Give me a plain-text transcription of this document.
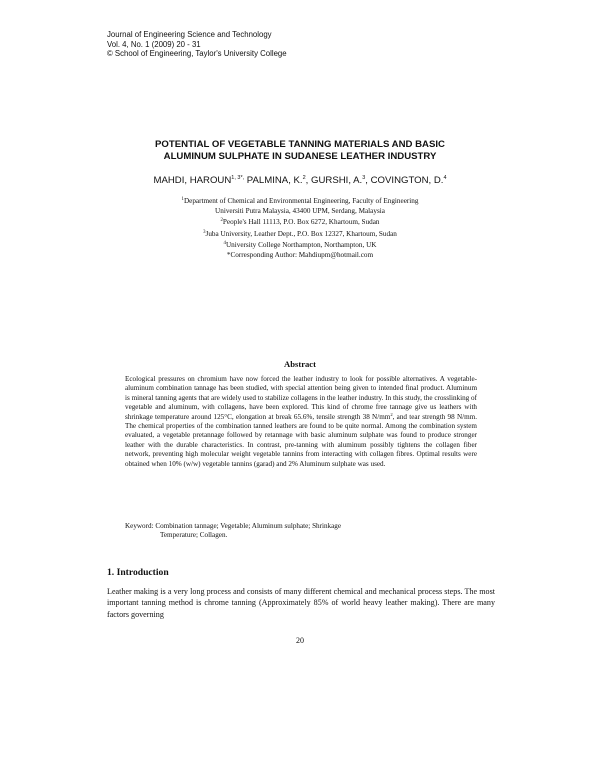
Journal of Engineering Science and Technology
Vol. 4, No. 1 (2009) 20 - 31
© School of Engineering, Taylor's University College
POTENTIAL OF VEGETABLE TANNING MATERIALS AND BASIC
ALUMINUM SULPHATE IN SUDANESE LEATHER INDUSTRY
MAHDI, $HAROUN^{1, 3*,}$ PALMINA, K.$^2$, GURSHI, A.$^3$, COVINGTON, D.$^4$
$^1$Department of Chemical and Environmental Engineering, Faculty of Engineering
Universiti Putra Malaysia, 43400 UPM, Serdang, Malaysia
$^2$People's Hall 11113, P.O. Box 6272, Khartoum, Sudan
$^3$Juba University, Leather Dept., P.O. Box 12327, Khartoum, Sudan
$^4$University College Northampton, Northampton, UK
*Corresponding Author: Mahdiupm@hotmail.com
Abstract

Ecological pressures on chromium have now forced the leather industry to look for possible alternatives. A vegetable- aluminum combination tannage has been studied, with special attention being given to intended final product. Aluminum is mineral tanning agents that are widely used to stabilize collagens in the leather industry. In this study, the crosslinking of vegetable and aluminum, with collagens, have been explored. This kind of chrome free tannage give us leathers with shrinkage temperature around 125°C, elongation at break 65.6%, tensile strength 38 $N/mm^2$, and tear strength 98 N/mm. The chemical properties of the combination tanned leathers are found to be quite normal. Among the combination system evaluated, a vegetable pretannage followed by retannage with basic aluminum sulphate was found to produce stronger leather with the durable characteristics. In contrast, pre-tanning with aluminum possibly tightens the collagen fiber network, preventing high molecular weight vegetable tannins from interacting with collagen fibres. Optimal results were obtained when 10% (w/w) vegetable tannins (garad) and 2% Aluminum sulphate was used.

Keyword: Combination tannage; Vegetable; Aluminum sulphate; Shrinkage
Temperature; Collagen.
1. Introduction

Leather making is a very long process and consists of many different chemical and mechanical process steps. The most important tanning method is chrome tanning (Approximately 85% of world heavy leather making). There are many factors governing

20
